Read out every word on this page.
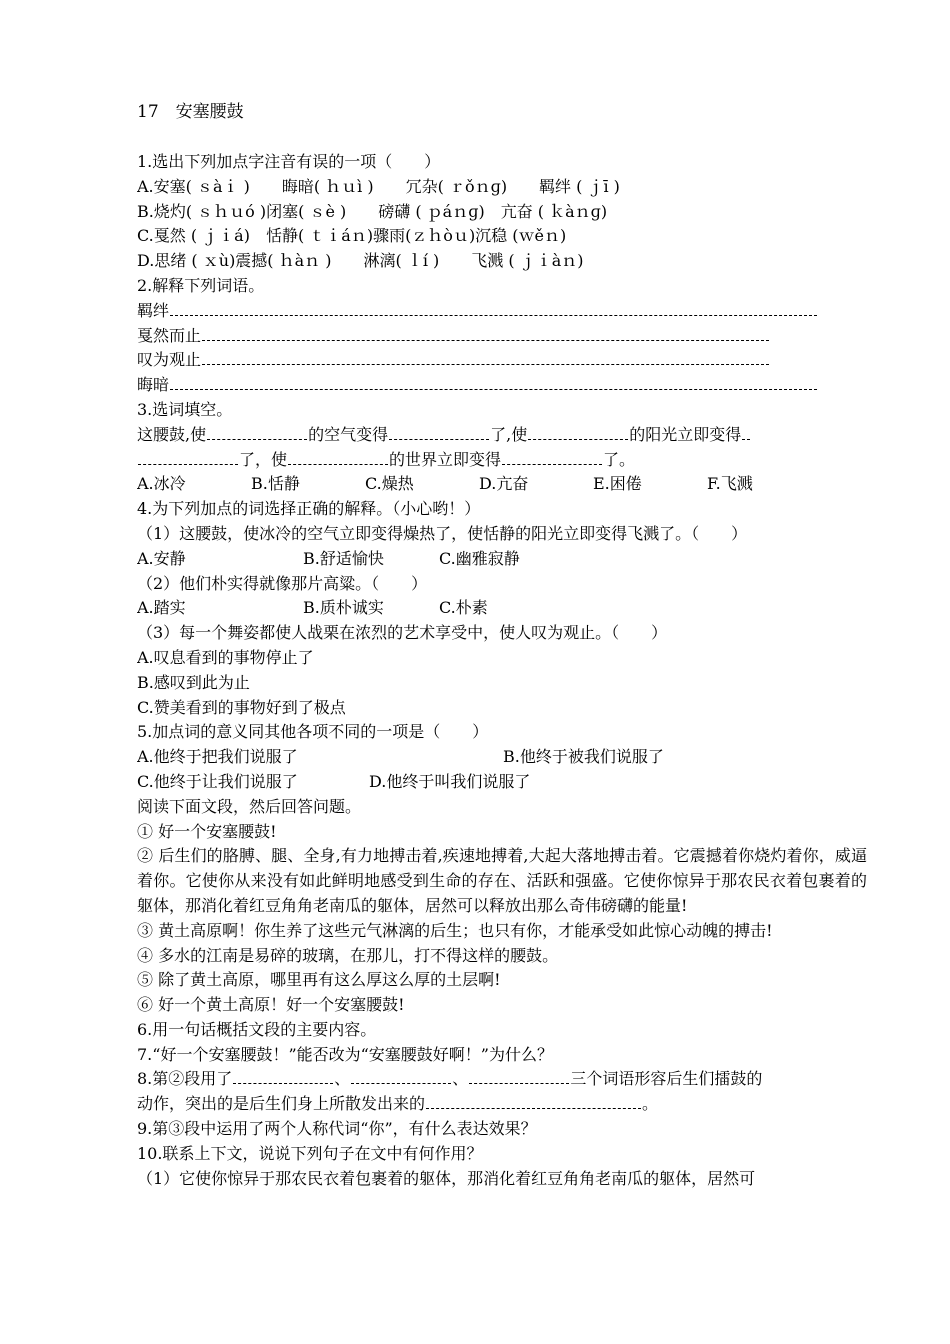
17　安塞腰鼓
1.选出下列加点字注音有误的一项（　　）
A.安塞( ｓàｉ )　　晦暗( ｈｕì )　　冗杂( ｒǒｎɡ)　　羁绊 ( ｊī )
B.烧灼( ｓｈｕó )闭塞( ｓè )　　磅礴 ( ｐáｎɡ)　亢奋 ( ｋàｎɡ)
C.戛然 ( ｊｉá)　恬静( ｔｉáｎ)骤雨(ｚｈòｕ)沉稳 (ｗěｎ)
D.思绪 ( ｘù)震撼( ｈàｎ )　　淋漓( ｌí )　　飞溅 ( ｊｉàｎ)
2.解释下列词语。
羁绊
戛然而止
叹为观止
晦暗
3.选词填空。
这腰鼓,使	的空气变得	了,使	的阳光立即变得
了，使	的世界立即变得	了。
A.冰冷	B.恬静	C.燥热	D.亢奋	E.困倦	F.飞溅
4.为下列加点的词选择正确的解释。（小心哟！）
（1）这腰鼓，使冰冷的空气立即变得燥热了，使恬静的阳光立即变得飞溅了。（　　）
A.安静	B.舒适愉快	C.幽雅寂静
（2）他们朴实得就像那片高粱。（　　）
A.踏实	B.质朴诚实	C.朴素
（3）每一个舞姿都使人战栗在浓烈的艺术享受中，使人叹为观止。（　　）
A.叹息看到的事物停止了
B.感叹到此为止
C.赞美看到的事物好到了极点
5.加点词的意义同其他各项不同的一项是（　　）
A.他终于把我们说服了	B.他终于被我们说服了
C.他终于让我们说服了	D.他终于叫我们说服了
阅读下面文段，然后回答问题。
① 好一个安塞腰鼓!
② 后生们的胳膊、腿、全身,有力地搏击着,疾速地搏着,大起大落地搏击着。它震撼着你烧灼着你，威逼着你。它使你从来没有如此鲜明地感受到生命的存在、活跃和强盛。它使你惊异于那农民衣着包裹着的躯体，那消化着红豆角角老南瓜的躯体，居然可以释放出那么奇伟磅礴的能量!
③ 黄土高原啊！你生养了这些元气淋漓的后生；也只有你，才能承受如此惊心动魄的搏击!
④ 多水的江南是易碎的玻璃，在那儿，打不得这样的腰鼓。
⑤ 除了黄土高原，哪里再有这么厚这么厚的土层啊!
⑥ 好一个黄土高原！好一个安塞腰鼓!
6.用一句话概括文段的主要内容。
7.“好一个安塞腰鼓！”能否改为“安塞腰鼓好啊！”为什么？
8.第②段用了	、	、	三个词语形容后生们擂鼓的
动作，突出的是后生们身上所散发出来的	。
9.第③段中运用了两个人称代词“你”，有什么表达效果？
10.联系上下文，说说下列句子在文中有何作用？
（1）它使你惊异于那农民衣着包裹着的躯体，那消化着红豆角角老南瓜的躯体，居然可
